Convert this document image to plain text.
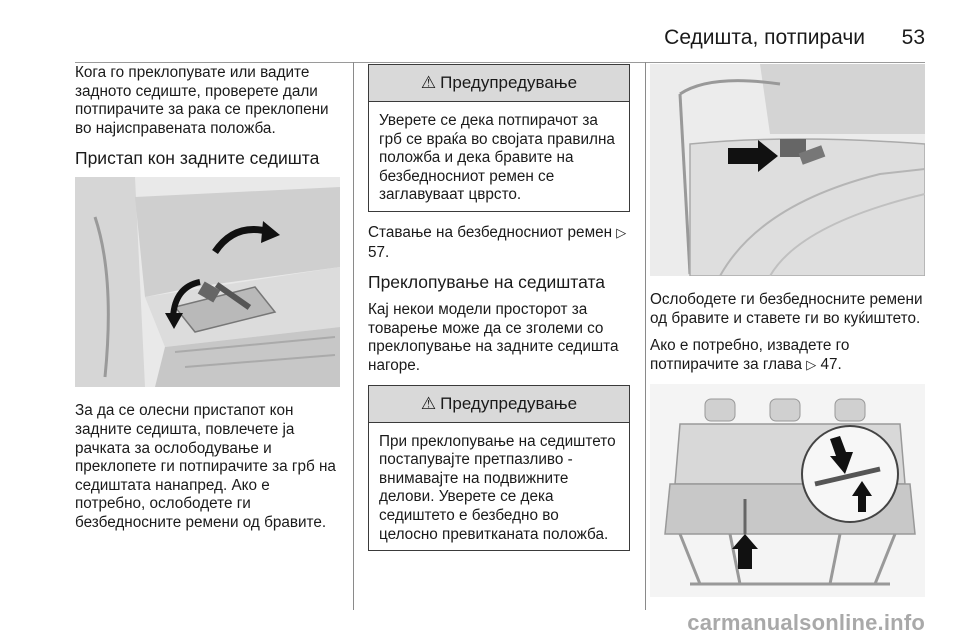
Седишта, потпирачи 53

Кога го преклопувате или вадите задното седиште, проверете дали потпирачите за рака се преклопени во најисправената положба.

Пристап кон задните седишта

За да се олесни пристапот кон задните седишта, повлечете ја рачката за ослободување и преклопете ги потпирачите за грб на седиштата нанапред. Ако е потребно, ослободете ги безбедносните ремени од бравите.

⚠ Предупредување

Уверете се дека потпирачот за грб се враќа во својата правилна положба и дека бравите на безбедносниот ремен се заглавуваат цврсто.

Ставање на безбедносниот ремен ▷ 57.

Преклопување на седиштата

Кај некои модели просторот за товарење може да се зголеми со преклопување на задните седишта нагоре.

⚠ Предупредување

При преклопување на седиштето постапувајте претпазливо - внимавајте на подвижните делови. Уверете се дека седиштето е безбедно во целосно превитканата положба.

Ослободете ги безбедносните ремени од бравите и ставете ги во куќиштето.

Ако е потребно, извадете го потпирачите за глава ▷ 47.

carmanualsonline.info
